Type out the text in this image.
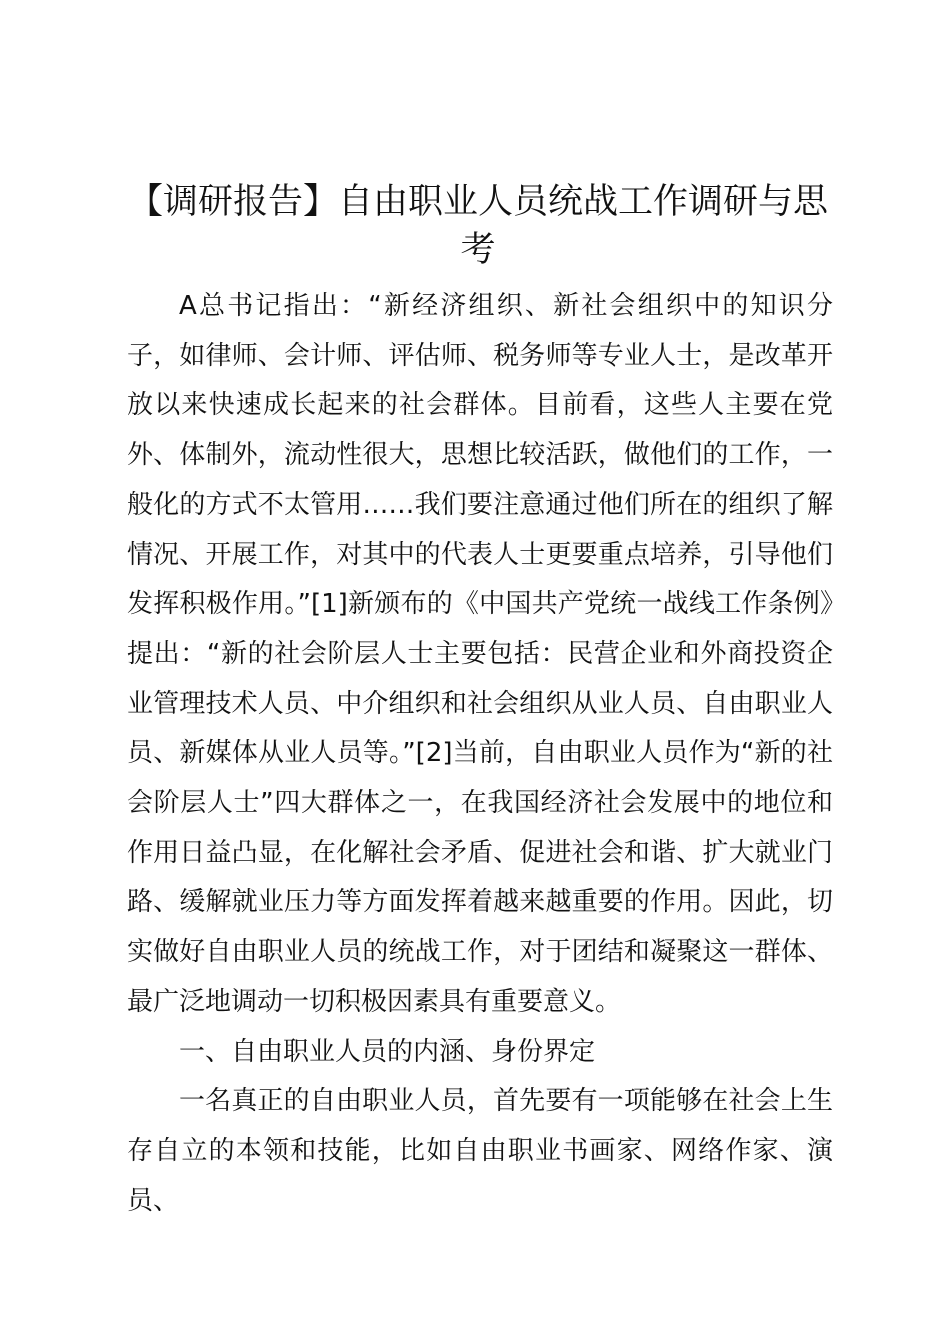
【调研报告】自由职业人员统战工作调研与思考

A总书记指出：“新经济组织、新社会组织中的知识分子，如律师、会计师、评估师、税务师等专业人士，是改革开放以来快速成长起来的社会群体。目前看，这些人主要在党外、体制外，流动性很大，思想比较活跃，做他们的工作，一般化的方式不太管用……我们要注意通过他们所在的组织了解情况、开展工作，对其中的代表人士更要重点培养，引导他们发挥积极作用。”[1]新颁布的《中国共产党统一战线工作条例》提出：“新的社会阶层人士主要包括：民营企业和外商投资企业管理技术人员、中介组织和社会组织从业人员、自由职业人员、新媒体从业人员等。”[2]当前，自由职业人员作为“新的社会阶层人士”四大群体之一，在我国经济社会发展中的地位和作用日益凸显，在化解社会矛盾、促进社会和谐、扩大就业门路、缓解就业压力等方面发挥着越来越重要的作用。因此，切实做好自由职业人员的统战工作，对于团结和凝聚这一群体、最广泛地调动一切积极因素具有重要意义。

一、自由职业人员的内涵、身份界定

一名真正的自由职业人员，首先要有一项能够在社会上生存自立的本领和技能，比如自由职业书画家、网络作家、演员、
